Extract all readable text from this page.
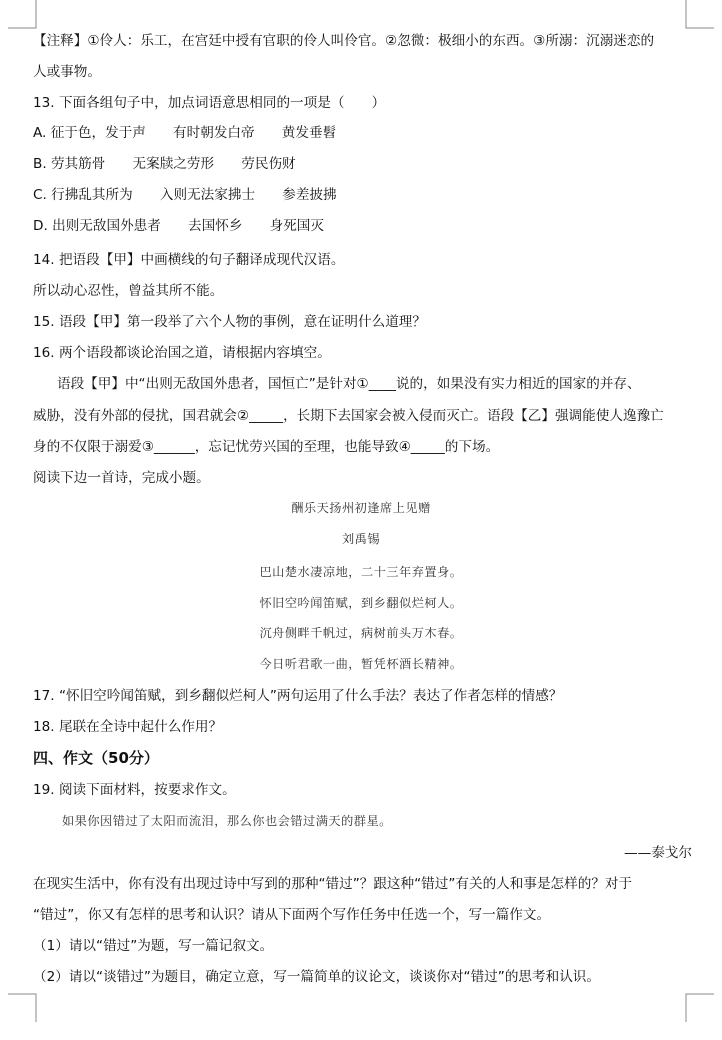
【注释】①伶人：乐工，在宫廷中授有官职的伶人叫伶官。②忽微：极细小的东西。③所溺：沉溺迷恋的
人或事物。
13. 下面各组句子中，加点词语意思相同的一项是（　　）
A. 征于色，发于声　　有时朝发白帝　　黄发垂髫
B. 劳其筋骨　　无案牍之劳形　　劳民伤财
C. 行拂乱其所为　　入则无法家拂士　　参差披拂
D. 出则无敌国外患者　　去国怀乡　　身死国灭
14. 把语段【甲】中画横线的句子翻译成现代汉语。
所以动心忍性，曾益其所不能。
15. 语段【甲】第一段举了六个人物的事例，意在证明什么道理？
16. 两个语段都谈论治国之道，请根据内容填空。
语段【甲】中“出则无敌国外患者，国恒亡”是针对①____说的，如果没有实力相近的国家的并存、
威胁，没有外部的侵扰，国君就会②_____，长期下去国家会被入侵而灭亡。语段【乙】强调能使人逸豫亡
身的不仅限于溺爱③______，忘记忧劳兴国的至理，也能导致④_____的下场。
阅读下边一首诗，完成小题。
酬乐天扬州初逢席上见赠
刘禹锡
巴山楚水凄凉地，二十三年弃置身。
怀旧空吟闻笛赋，到乡翻似烂柯人。
沉舟侧畔千帆过，病树前头万木春。
今日听君歌一曲，暂凭杯酒长精神。
17. “怀旧空吟闻笛赋，到乡翻似烂柯人”两句运用了什么手法？表达了作者怎样的情感？
18. 尾联在全诗中起什么作用？
四、作文（50分）
19. 阅读下面材料，按要求作文。
如果你因错过了太阳而流泪，那么你也会错过满天的群星。
——泰戈尔
在现实生活中，你有没有出现过诗中写到的那种“错过”？跟这种“错过”有关的人和事是怎样的？对于
“错过”，你又有怎样的思考和认识？请从下面两个写作任务中任选一个，写一篇作文。
（1）请以“错过”为题，写一篇记叙文。
（2）请以“谈错过”为题目，确定立意，写一篇简单的议论文，谈谈你对“错过”的思考和认识。
